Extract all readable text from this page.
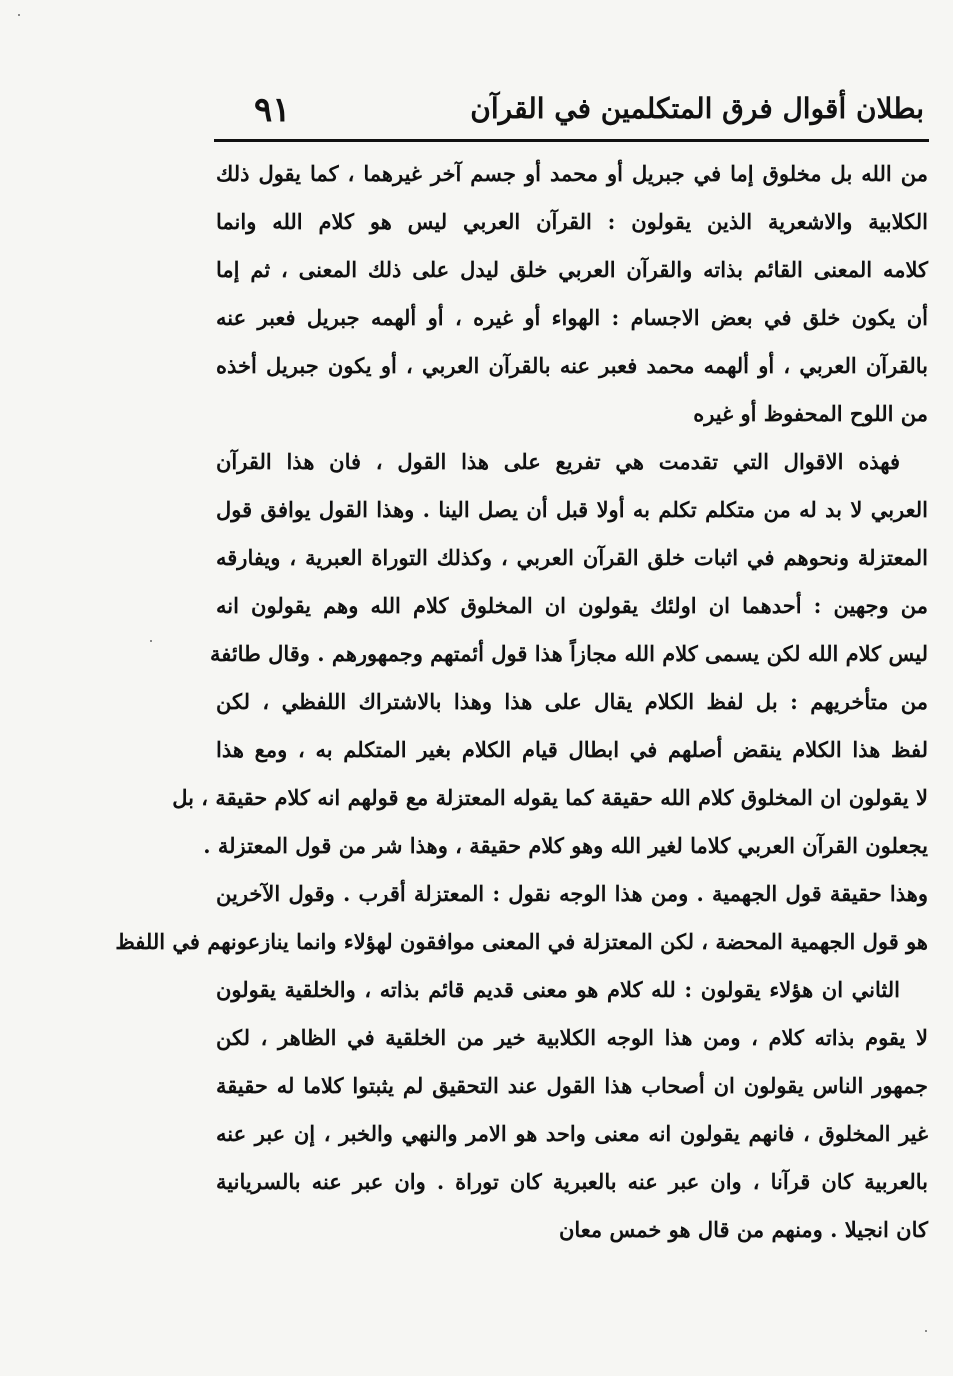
بطلان أقوال فرق المتكلمين في القرآن
٩١
من الله بل مخلوق إما في جبريل أو محمد أو جسم آخر غيرهما ، كما يقول ذلك
الكلابية والاشعرية الذين يقولون : القرآن العربي ليس هو كلام الله وانما
كلامه المعنى القائم بذاته والقرآن العربي خلق ليدل على ذلك المعنى ، ثم إما
أن يكون خلق في بعض الاجسام : الهواء أو غيره ، أو ألهمه جبريل فعبر عنه
بالقرآن العربي ، أو ألهمه محمد فعبر عنه بالقرآن العربي ، أو يكون جبريل أخذه
من اللوح المحفوظ أو غيره
فهذه الاقوال التي تقدمت هي تفريع على هذا القول ، فان هذا القرآن
العربي لا بد له من متكلم تكلم به أولا قبل أن يصل الينا . وهذا القول يوافق قول
المعتزلة ونحوهم في اثبات خلق القرآن العربي ، وكذلك التوراة العبرية ، ويفارقه
من وجهين : أحدهما ان اولئك يقولون ان المخلوق كلام الله وهم يقولون انه
ليس كلام الله لكن يسمى كلام الله مجازاً هذا قول أئمتهم وجمهورهم . وقال طائفة
من متأخريهم : بل لفظ الكلام يقال على هذا وهذا بالاشتراك اللفظي ، لكن
لفظ هذا الكلام ينقض أصلهم في ابطال قيام الكلام بغير المتكلم به ، ومع هذا
لا يقولون ان المخلوق كلام الله حقيقة كما يقوله المعتزلة مع قولهم انه كلام حقيقة ، بل
يجعلون القرآن العربي كلاما لغير الله وهو كلام حقيقة ، وهذا شر من قول المعتزلة .
وهذا حقيقة قول الجهمية . ومن هذا الوجه نقول : المعتزلة أقرب . وقول الآخرين
هو قول الجهمية المحضة ، لكن المعتزلة في المعنى موافقون لهؤلاء وانما ينازعونهم في اللفظ
الثاني ان هؤلاء يقولون : لله كلام هو معنى قديم قائم بذاته ، والخلقية يقولون
لا يقوم بذاته كلام ، ومن هذا الوجه الكلابية خير من الخلقية في الظاهر ، لكن
جمهور الناس يقولون ان أصحاب هذا القول عند التحقيق لم يثبتوا كلاما له حقيقة
غير المخلوق ، فانهم يقولون انه معنى واحد هو الامر والنهي والخبر ، إن عبر عنه
بالعربية كان قرآنا ، وان عبر عنه بالعبرية كان توراة . وان عبر عنه بالسريانية
كان انجيلا . ومنهم من قال هو خمس معان
